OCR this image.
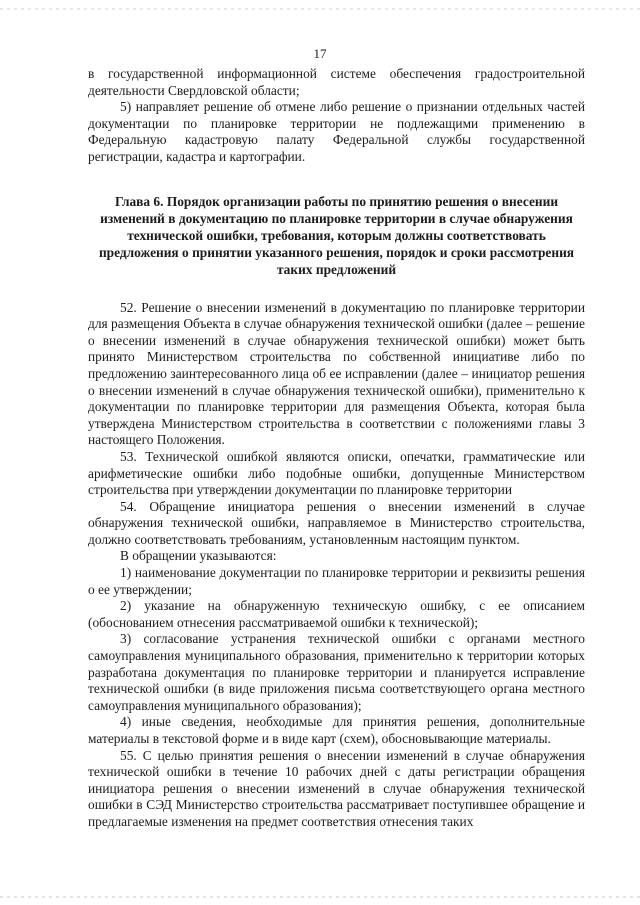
17

в государственной информационной системе обеспечения градостроительной деятельности Свердловской области;

5) направляет решение об отмене либо решение о признании отдельных частей документации по планировке территории не подлежащими применению в Федеральную кадастровую палату Федеральной службы государственной регистрации, кадастра и картографии.

Глава 6. Порядок организации работы по принятию решения о внесении изменений в документацию по планировке территории в случае обнаружения технической ошибки, требования, которым должны соответствовать предложения о принятии указанного решения, порядок и сроки рассмотрения таких предложений

52. Решение о внесении изменений в документацию по планировке территории для размещения Объекта в случае обнаружения технической ошибки (далее – решение о внесении изменений в случае обнаружения технической ошибки) может быть принято Министерством строительства по собственной инициативе либо по предложению заинтересованного лица об ее исправлении (далее – инициатор решения о внесении изменений в случае обнаружения технической ошибки), применительно к документации по планировке территории для размещения Объекта, которая была утверждена Министерством строительства в соответствии с положениями главы 3 настоящего Положения.

53. Технической ошибкой являются описки, опечатки, грамматические или арифметические ошибки либо подобные ошибки, допущенные Министерством строительства при утверждении документации по планировке территории

54. Обращение инициатора решения о внесении изменений в случае обнаружения технической ошибки, направляемое в Министерство строительства, должно соответствовать требованиям, установленным настоящим пунктом.

В обращении указываются:

1) наименование документации по планировке территории и реквизиты решения о ее утверждении;

2) указание на обнаруженную техническую ошибку, с ее описанием (обоснованием отнесения рассматриваемой ошибки к технической);

3) согласование устранения технической ошибки с органами местного самоуправления муниципального образования, применительно к территории которых разработана документация по планировке территории и планируется исправление технической ошибки (в виде приложения письма соответствующего органа местного самоуправления муниципального образования);

4) иные сведения, необходимые для принятия решения, дополнительные материалы в текстовой форме и в виде карт (схем), обосновывающие материалы.

55. С целью принятия решения о внесении изменений в случае обнаружения технической ошибки в течение 10 рабочих дней с даты регистрации обращения инициатора решения о внесении изменений в случае обнаружения технической ошибки в СЭД Министерство строительства рассматривает поступившее обращение и предлагаемые изменения на предмет соответствия отнесения таких
